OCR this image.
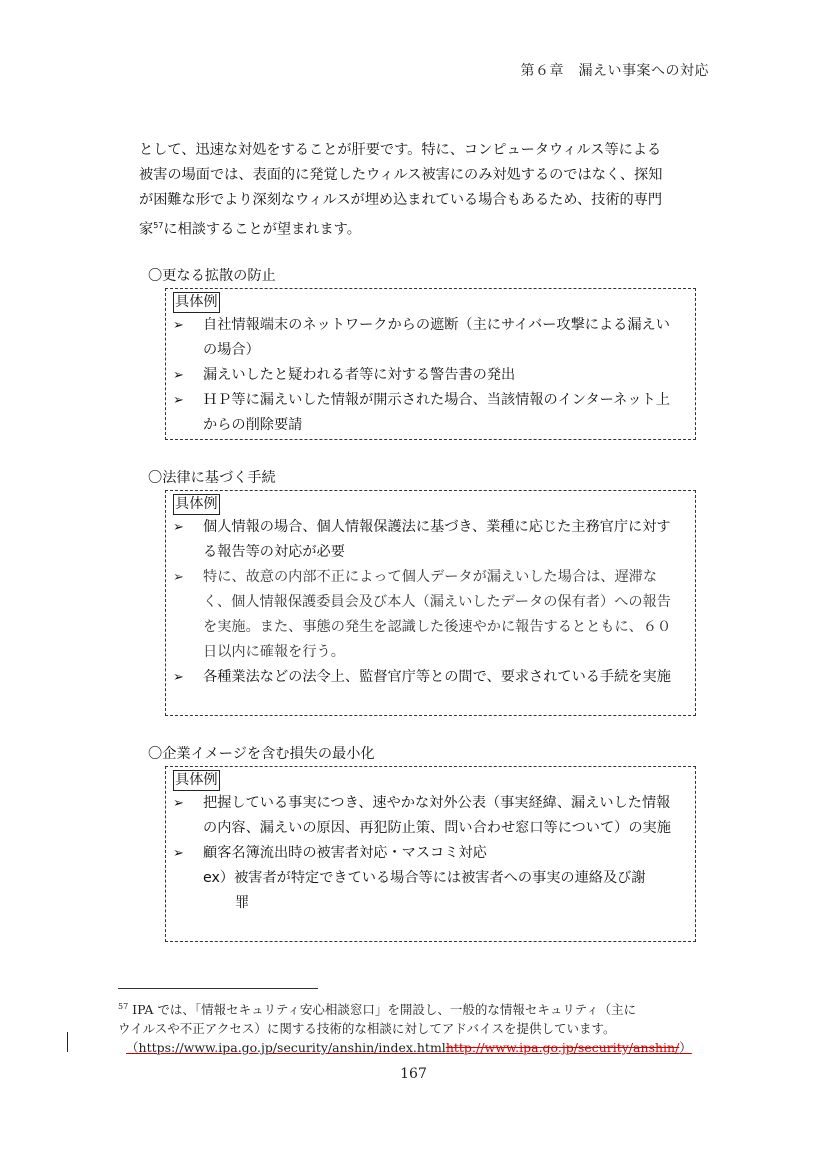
第６章　漏えい事案への対応
として、迅速な対処をすることが肝要です。特に、コンピュータウィルス等による
被害の場面では、表面的に発覚したウィルス被害にのみ対処するのではなく、探知
が困難な形でより深刻なウィルスが埋め込まれている場合もあるため、技術的専門
家$^{57}$に相談することが望まれます。
〇更なる拡散の防止
具体例
➢ 自社情報端末のネットワークからの遮断（主にサイバー攻撃による漏えいの場合）
➢ 漏えいしたと疑われる者等に対する警告書の発出
➢ ＨＰ等に漏えいした情報が開示された場合、当該情報のインターネット上からの削除要請
〇法律に基づく手続
具体例
➢ 個人情報の場合、個人情報保護法に基づき、業種に応じた主務官庁に対する報告等の対応が必要
➢ 特に、故意の内部不正によって個人データが漏えいした場合は、遅滞なく、個人情報保護委員会及び本人（漏えいしたデータの保有者）への報告を実施。また、事態の発生を認識した後速やかに報告するとともに、６０日以内に確報を行う。
➢ 各種業法などの法令上、監督官庁等との間で、要求されている手続を実施
〇企業イメージを含む損失の最小化
具体例
➢ 把握している事実につき、速やかな対外公表（事実経緯、漏えいした情報の内容、漏えいの原因、再犯防止策、問い合わせ窓口等について）の実施
➢ 顧客名簿流出時の被害者対応・マスコミ対応
ex）被害者が特定できている場合等には被害者への事実の連絡及び謝
罪
$^{57}$ IPA では、「情報セキュリティ安心相談窓口」を開設し、一般的な情報セキュリティ（主に
ウイルスや不正アクセス）に関する技術的な相談に対してアドバイスを提供しています。
（https://www.ipa.go.jp/security/anshin/index.htmlhttp://www.ipa.go.jp/security/anshin/）
167
